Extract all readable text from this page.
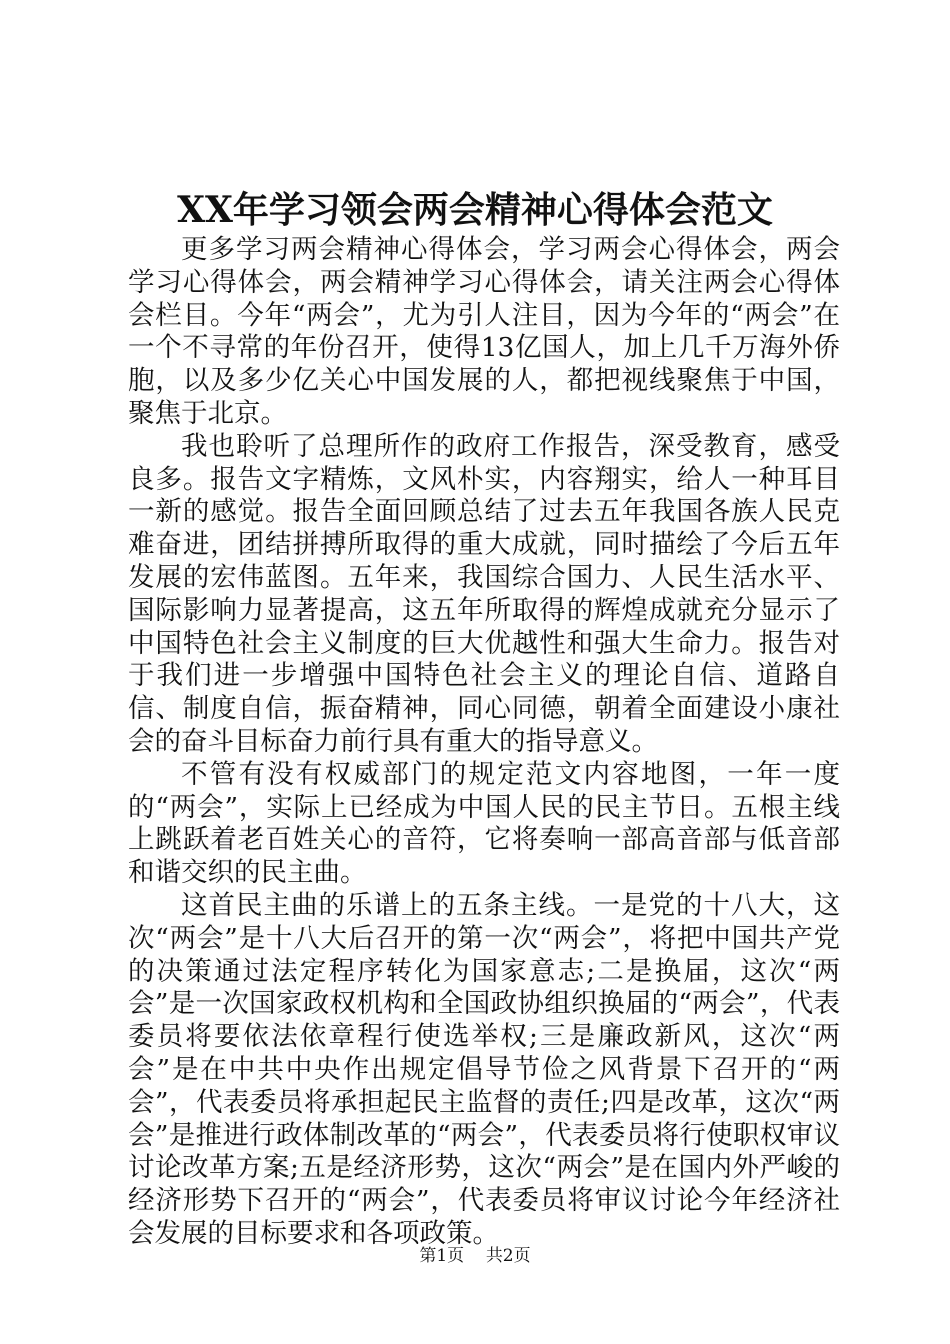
XX年学习领会两会精神心得体会范文

更多学习两会精神心得体会，学习两会心得体会，两会学习心得体会，两会精神学习心得体会，请关注两会心得体会栏目。今年“两会”，尤为引人注目，因为今年的“两会”在一个不寻常的年份召开，使得13亿国人，加上几千万海外侨胞，以及多少亿关心中国发展的人，都把视线聚焦于中国，聚焦于北京。

我也聆听了总理所作的政府工作报告，深受教育，感受良多。报告文字精炼，文风朴实，内容翔实，给人一种耳目一新的感觉。报告全面回顾总结了过去五年我国各族人民克难奋进，团结拼搏所取得的重大成就，同时描绘了今后五年发展的宏伟蓝图。五年来，我国综合国力、人民生活水平、国际影响力显著提高，这五年所取得的辉煌成就充分显示了中国特色社会主义制度的巨大优越性和强大生命力。报告对于我们进一步增强中国特色社会主义的理论自信、道路自信、制度自信，振奋精神，同心同德，朝着全面建设小康社会的奋斗目标奋力前行具有重大的指导意义。

不管有没有权威部门的规定范文内容地图，一年一度的“两会”，实际上已经成为中国人民的民主节日。五根主线上跳跃着老百姓关心的音符，它将奏响一部高音部与低音部和谐交织的民主曲。

这首民主曲的乐谱上的五条主线。一是党的十八大，这次“两会”是十八大后召开的第一次“两会”，将把中国共产党的决策通过法定程序转化为国家意志;二是换届，这次“两会”是一次国家政权机构和全国政协组织换届的“两会”，代表委员将要依法依章程行使选举权;三是廉政新风，这次“两会”是在中共中央作出规定倡导节俭之风背景下召开的“两会”，代表委员将承担起民主监督的责任;四是改革，这次“两会”是推进行政体制改革的“两会”，代表委员将行使职权审议讨论改革方案;五是经济形势，这次“两会”是在国内外严峻的经济形势下召开的“两会”，代表委员将审议讨论今年经济社会发展的目标要求和各项政策。

第1页 共2页
